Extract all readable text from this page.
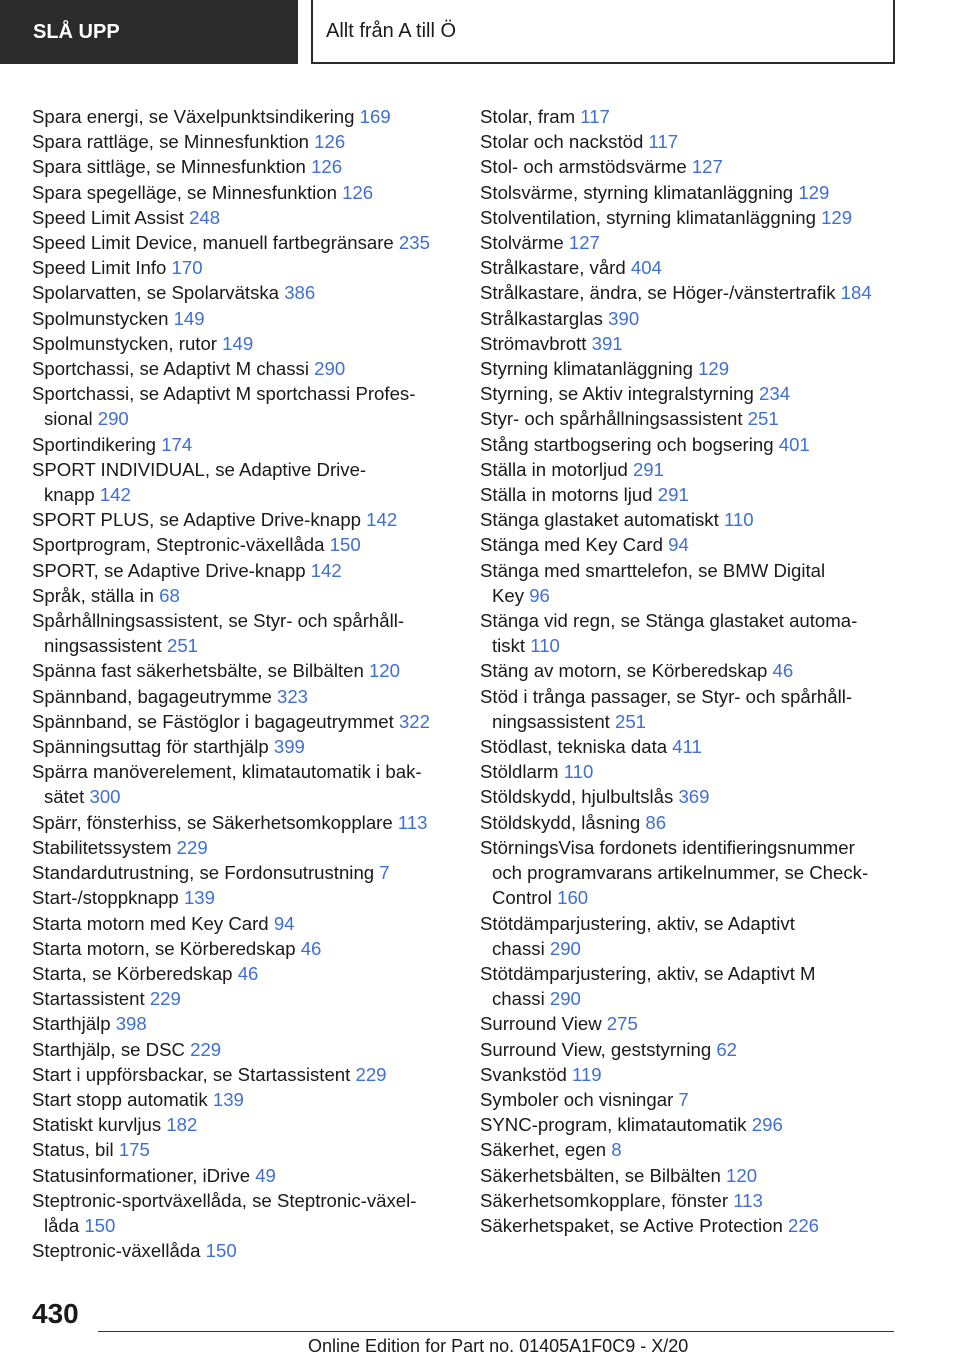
SLÅ UPP	Allt från A till Ö
Spara energi, se Växelpunktsindikering 169
Spara rattläge, se Minnesfunktion 126
Spara sittläge, se Minnesfunktion 126
Spara spegelläge, se Minnesfunktion 126
Speed Limit Assist 248
Speed Limit Device, manuell fartbegränsare 235
Speed Limit Info 170
Spolarvatten, se Spolarvätska 386
Spolmunstycken 149
Spolmunstycken, rutor 149
Sportchassi, se Adaptivt M chassi 290
Sportchassi, se Adaptivt M sportchassi Profes-
sional 290
Sportindikering 174
SPORT INDIVIDUAL, se Adaptive Drive-
knapp 142
SPORT PLUS, se Adaptive Drive-knapp 142
Sportprogram, Steptronic-växellåda 150
SPORT, se Adaptive Drive-knapp 142
Språk, ställa in 68
Spårhållningsassistent, se Styr- och spårhåll-
ningsassistent 251
Spänna fast säkerhetsbälte, se Bilbälten 120
Spännband, bagageutrymme 323
Spännband, se Fästöglor i bagageutrymmet 322
Spänningsuttag för starthjälp 399
Spärra manöverelement, klimatautomatik i bak-
sätet 300
Spärr, fönsterhiss, se Säkerhetsomkopplare 113
Stabilitetssystem 229
Standardutrustning, se Fordonsutrustning 7
Start-/stoppknapp 139
Starta motorn med Key Card 94
Starta motorn, se Körberedskap 46
Starta, se Körberedskap 46
Startassistent 229
Starthjälp 398
Starthjälp, se DSC 229
Start i uppförsbackar, se Startassistent 229
Start stopp automatik 139
Statiskt kurvljus 182
Status, bil 175
Statusinformationer, iDrive 49
Steptronic-sportväxellåda, se Steptronic-växel-
låda 150
Steptronic-växellåda 150
Stolar, fram 117
Stolar och nackstöd 117
Stol- och armstödsvärme 127
Stolsvärme, styrning klimatanläggning 129
Stolventilation, styrning klimatanläggning 129
Stolvärme 127
Strålkastare, vård 404
Strålkastare, ändra, se Höger-/vänstertrafik 184
Strålkastarglas 390
Strömavbrott 391
Styrning klimatanläggning 129
Styrning, se Aktiv integralstyrning 234
Styr- och spårhållningsassistent 251
Stång startbogsering och bogsering 401
Ställa in motorljud 291
Ställa in motorns ljud 291
Stänga glastaket automatiskt 110
Stänga med Key Card 94
Stänga med smarttelefon, se BMW Digital
Key 96
Stänga vid regn, se Stänga glastaket automa-
tiskt 110
Stäng av motorn, se Körberedskap 46
Stöd i trånga passager, se Styr- och spårhåll-
ningsassistent 251
Stödlast, tekniska data 411
Stöldlarm 110
Stöldskydd, hjulbultslås 369
Stöldskydd, låsning 86
StörningsVisa fordonets identifieringsnummer
och programvarans artikelnummer, se Check-
Control 160
Stötdämparjustering, aktiv, se Adaptivt
chassi 290
Stötdämparjustering, aktiv, se Adaptivt M
chassi 290
Surround View 275
Surround View, geststyrning 62
Svankstöd 119
Symboler och visningar 7
SYNC-program, klimatautomatik 296
Säkerhet, egen 8
Säkerhetsbälten, se Bilbälten 120
Säkerhetsomkopplare, fönster 113
Säkerhetspaket, se Active Protection 226
430
Online Edition for Part no. 01405A1F0C9 - X/20
